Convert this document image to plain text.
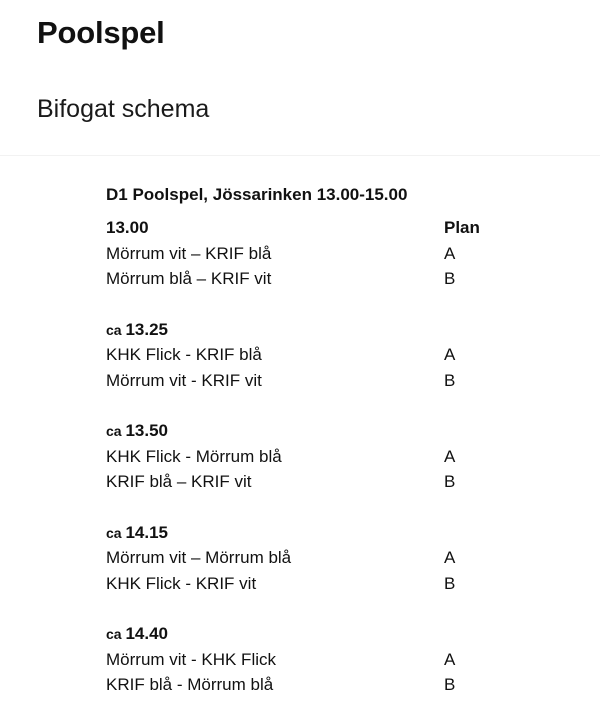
Poolspel
Bifogat schema
D1 Poolspel, Jössarinken 13.00-15.00
13.00	Plan
Mörrum vit – KRIF blå	A
Mörrum blå – KRIF vit	B
ca 13.25
KHK Flick - KRIF blå	A
Mörrum vit - KRIF vit	B
ca 13.50
KHK Flick - Mörrum blå	A
KRIF blå – KRIF vit	B
ca 14.15
Mörrum vit – Mörrum blå	A
KHK Flick - KRIF vit	B
ca 14.40
Mörrum vit - KHK Flick	A
KRIF blå - Mörrum blå	B
